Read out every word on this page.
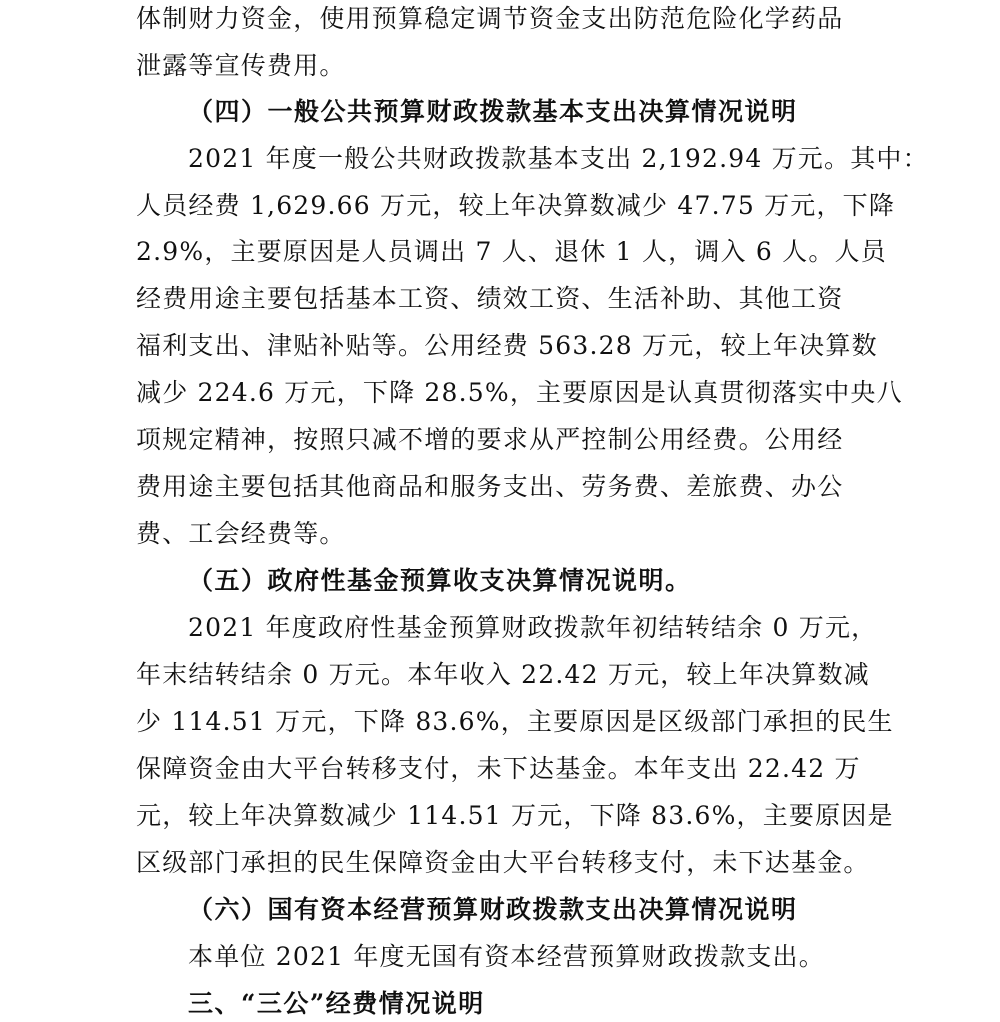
体制财力资金，使用预算稳定调节资金支出防范危险化学药品
泄露等宣传费用。
（四）一般公共预算财政拨款基本支出决算情况说明
2021 年度一般公共财政拨款基本支出 2,192.94 万元。其中：
人员经费 1,629.66 万元，较上年决算数减少 47.75 万元，下降
2.9%，主要原因是人员调出 7 人、退休 1 人，调入 6 人。人员
经费用途主要包括基本工资、绩效工资、生活补助、其他工资
福利支出、津贴补贴等。公用经费 563.28 万元，较上年决算数
减少 224.6 万元，下降 28.5%，主要原因是认真贯彻落实中央八
项规定精神，按照只减不增的要求从严控制公用经费。公用经
费用途主要包括其他商品和服务支出、劳务费、差旅费、办公
费、工会经费等。
（五）政府性基金预算收支决算情况说明。
2021 年度政府性基金预算财政拨款年初结转结余 0 万元，
年末结转结余 0 万元。本年收入 22.42 万元，较上年决算数减
少 114.51 万元，下降 83.6%，主要原因是区级部门承担的民生
保障资金由大平台转移支付，未下达基金。本年支出 22.42 万
元，较上年决算数减少 114.51 万元，下降 83.6%，主要原因是
区级部门承担的民生保障资金由大平台转移支付，未下达基金。
（六）国有资本经营预算财政拨款支出决算情况说明
本单位 2021 年度无国有资本经营预算财政拨款支出。
三、“三公”经费情况说明
